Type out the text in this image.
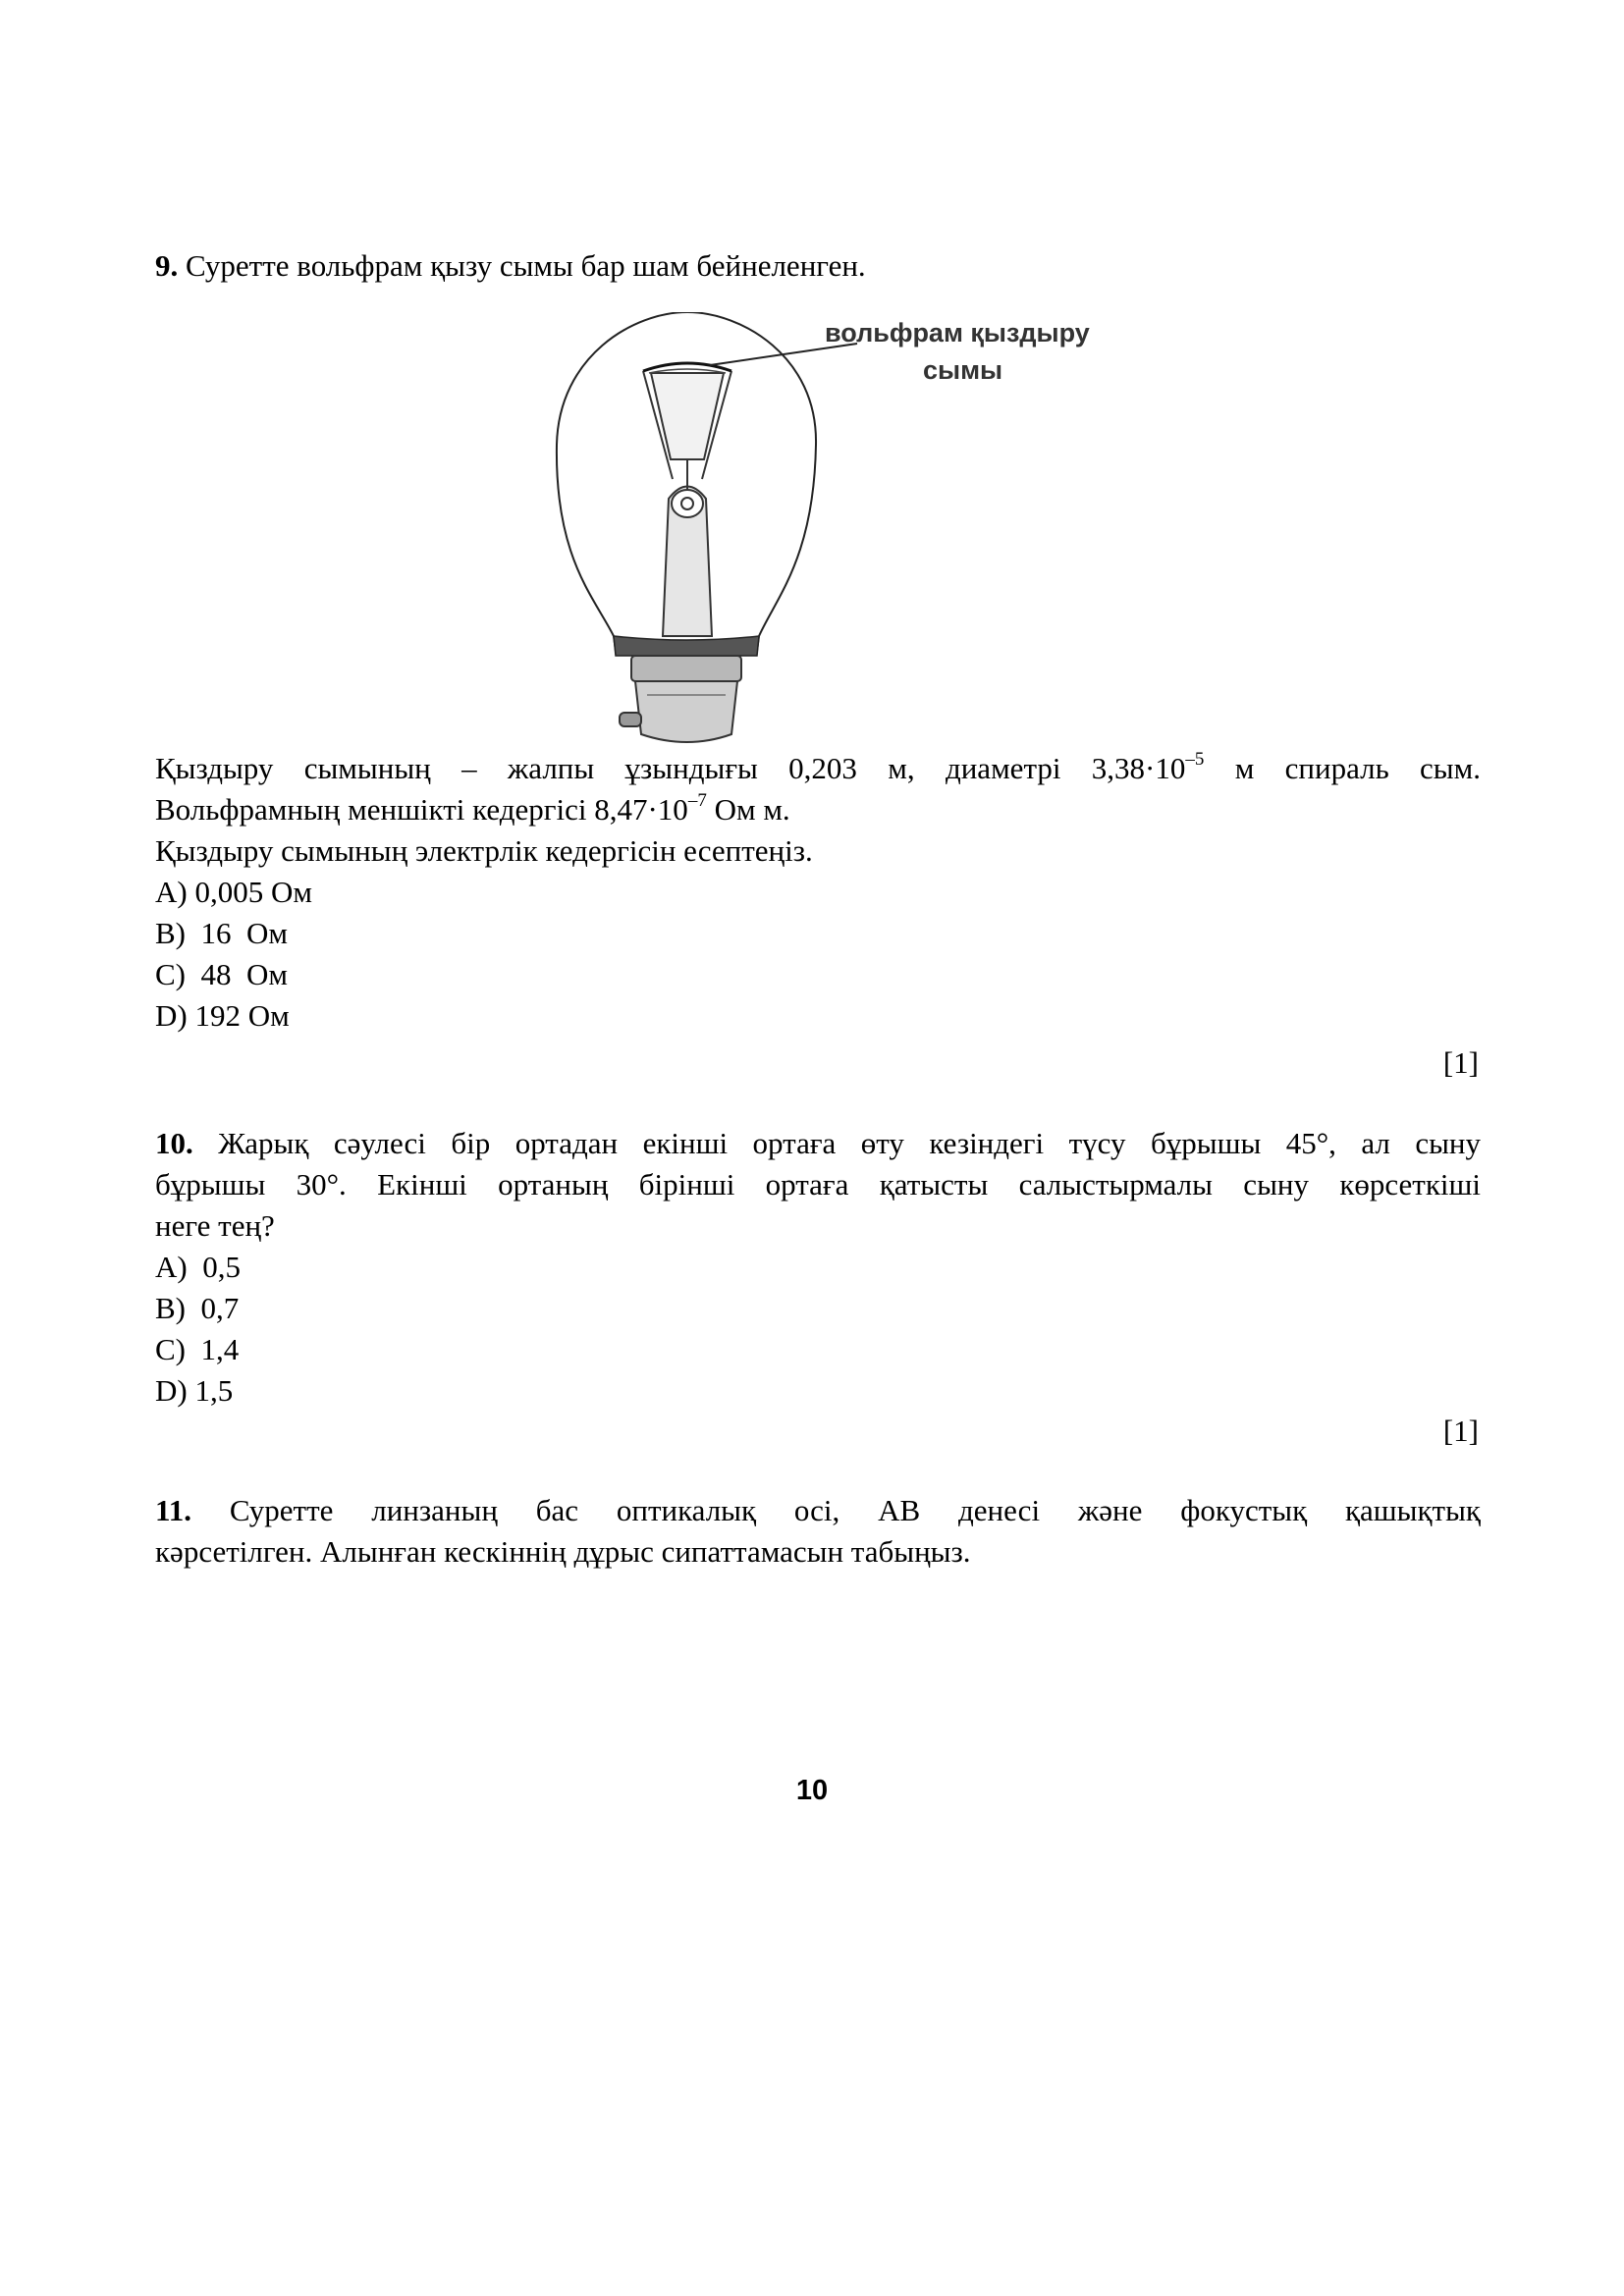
9. Суретте вольфрам қызу сымы бар шам бейнеленген.

вольфрам қыздыру
сымы

Қыздыру сымының – жалпы ұзындығы 0,203 м, диаметрі $3,38\cdot 10^{-5}$ м спираль сым.

Вольфрамның меншікті кедергісі $8,47\cdot 10^{-7}$ Ом м.

Қыздыру сымының электрлік кедергісін есептеңіз.

A) 0,005 Ом

B)  16  Ом

C)  48  Ом

D) 192 Ом

[1]

10. Жарық сәулесі бір ортадан екінші ортаға өту кезіндегі түсу бұрышы 45°, ал сыну

бұрышы 30°. Екінші ортаның бірінші ортаға қатысты салыстырмалы сыну көрсеткіші

неге тең?

A)  0,5

B)  0,7

C)  1,4

D) 1,5

[1]

11. Суретте линзаның бас оптикалық осі, АВ денесі және фокустық қашықтық

кәрсетілген. Алынған кескіннің дұрыс сипаттамасын табыңыз.

10
